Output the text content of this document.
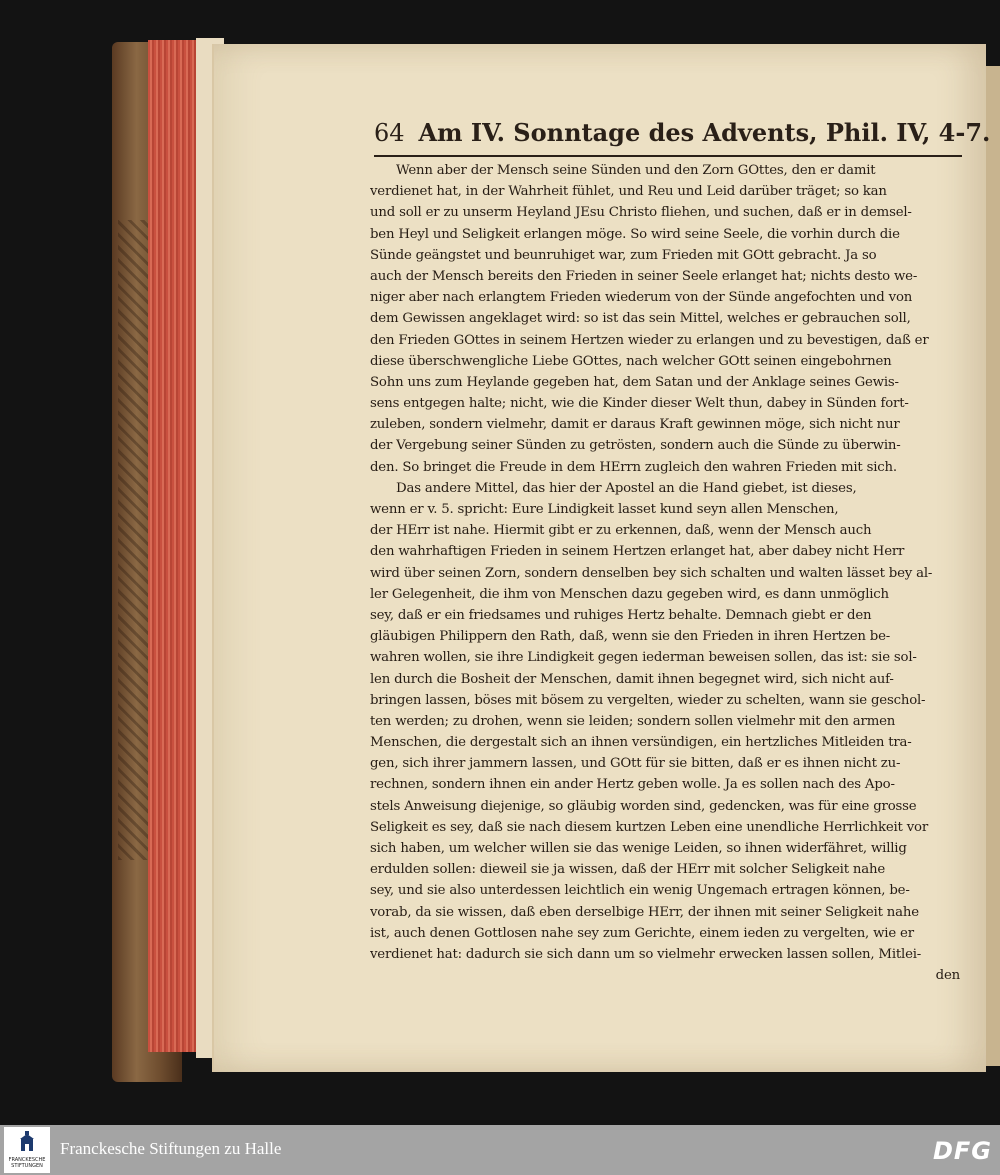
64 Am IV. Sonntage des Advents, Phil. IV, 4-7.
Wenn aber der Mensch seine Sünden und den Zorn GOttes, den er damit
verdienet hat, in der Wahrheit fühlet, und Reu und Leid darüber träget; so kan
und soll er zu unserm Heyland JEsu Christo fliehen, und suchen, daß er in demsel-
ben Heyl und Seligkeit erlangen möge. So wird seine Seele, die vorhin durch die
Sünde geängstet und beunruhiget war, zum Frieden mit GOtt gebracht. Ja so
auch der Mensch bereits den Frieden in seiner Seele erlanget hat; nichts desto we-
niger aber nach erlangtem Frieden wiederum von der Sünde angefochten und von
dem Gewissen angeklaget wird: so ist das sein Mittel, welches er gebrauchen soll,
den Frieden GOttes in seinem Hertzen wieder zu erlangen und zu bevestigen, daß er
diese überschwengliche Liebe GOttes, nach welcher GOtt seinen eingebohrnen
Sohn uns zum Heylande gegeben hat, dem Satan und der Anklage seines Gewis-
sens entgegen halte; nicht, wie die Kinder dieser Welt thun, dabey in Sünden fort-
zuleben, sondern vielmehr, damit er daraus Kraft gewinnen möge, sich nicht nur
der Vergebung seiner Sünden zu getrösten, sondern auch die Sünde zu überwin-
den. So bringet die Freude in dem HErrn zugleich den wahren Frieden mit sich.
Das andere Mittel, das hier der Apostel an die Hand giebet, ist dieses,
wenn er v. 5. spricht: Eure Lindigkeit lasset kund seyn allen Menschen,
der HErr ist nahe. Hiermit gibt er zu erkennen, daß, wenn der Mensch auch
den wahrhaftigen Frieden in seinem Hertzen erlanget hat, aber dabey nicht Herr
wird über seinen Zorn, sondern denselben bey sich schalten und walten lässet bey al-
ler Gelegenheit, die ihm von Menschen dazu gegeben wird, es dann unmöglich
sey, daß er ein friedsames und ruhiges Hertz behalte. Demnach giebt er den
gläubigen Philippern den Rath, daß, wenn sie den Frieden in ihren Hertzen be-
wahren wollen, sie ihre Lindigkeit gegen iederman beweisen sollen, das ist: sie sol-
len durch die Bosheit der Menschen, damit ihnen begegnet wird, sich nicht auf-
bringen lassen, böses mit bösem zu vergelten, wieder zu schelten, wann sie geschol-
ten werden; zu drohen, wenn sie leiden; sondern sollen vielmehr mit den armen
Menschen, die dergestalt sich an ihnen versündigen, ein hertzliches Mitleiden tra-
gen, sich ihrer jammern lassen, und GOtt für sie bitten, daß er es ihnen nicht zu-
rechnen, sondern ihnen ein ander Hertz geben wolle. Ja es sollen nach des Apo-
stels Anweisung diejenige, so gläubig worden sind, gedencken, was für eine grosse
Seligkeit es sey, daß sie nach diesem kurtzen Leben eine unendliche Herrlichkeit vor
sich haben, um welcher willen sie das wenige Leiden, so ihnen widerfähret, willig
erdulden sollen: dieweil sie ja wissen, daß der HErr mit solcher Seligkeit nahe
sey, und sie also unterdessen leichtlich ein wenig Ungemach ertragen können, be-
vorab, da sie wissen, daß eben derselbige HErr, der ihnen mit seiner Seligkeit nahe
ist, auch denen Gottlosen nahe sey zum Gerichte, einem ieden zu vergelten, wie er
verdienet hat: dadurch sie sich dann um so vielmehr erwecken lassen sollen, Mitlei-
den
FRANCKESCHE STIFTUNGEN
Franckesche Stiftungen zu Halle	DFG
